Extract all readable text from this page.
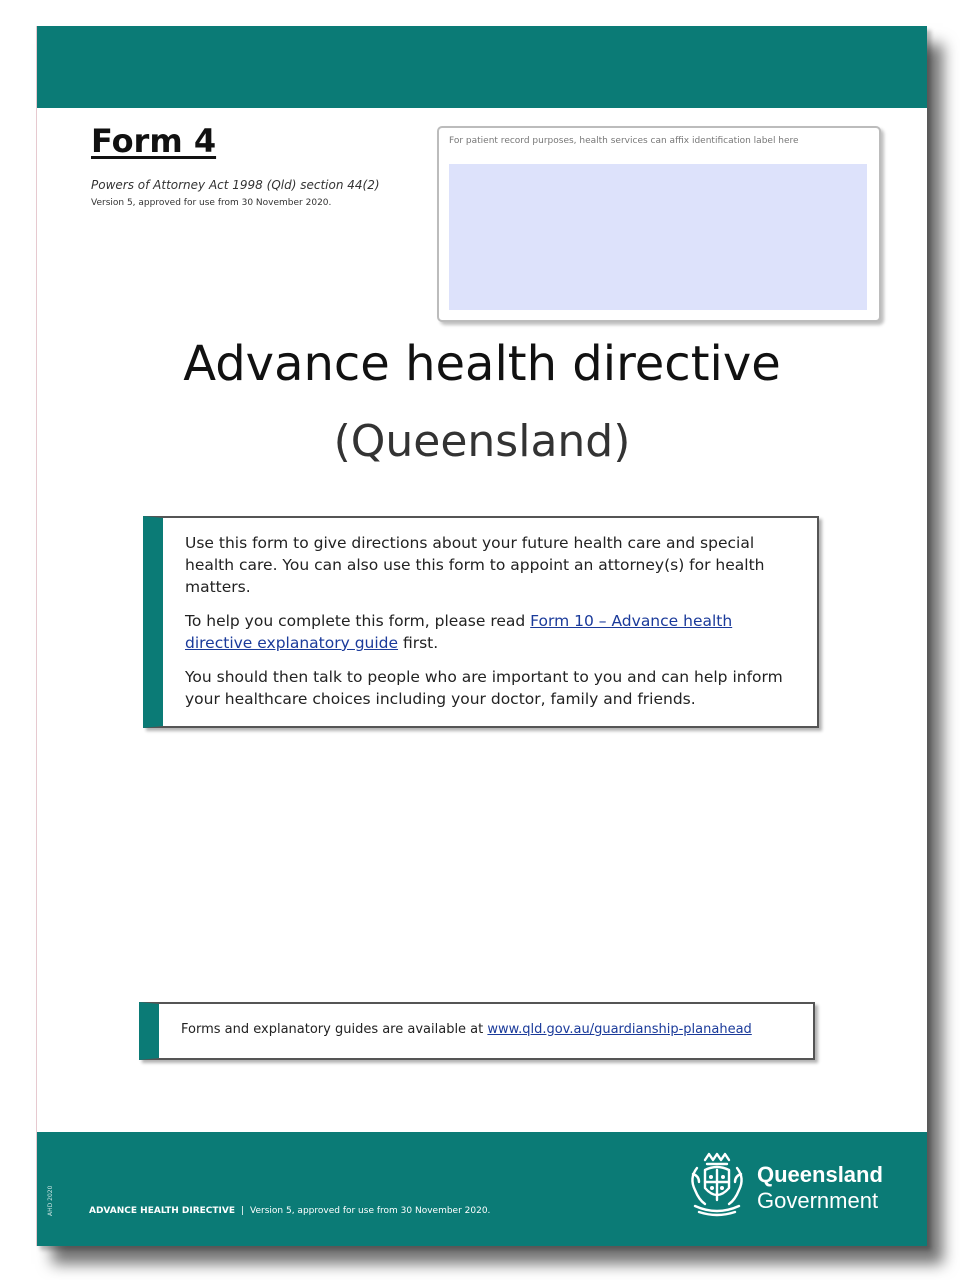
Form 4
Powers of Attorney Act 1998 (Qld) section 44(2)
Version 5, approved for use from 30 November 2020.
For patient record purposes, health services can affix identification label here
Advance health directive
(Queensland)

Use this form to give directions about your future health care and special health care. You can also use this form to appoint an attorney(s) for health matters.

To help you complete this form, please read Form 10 – Advance health directive explanatory guide first.

You should then talk to people who are important to you and can help inform your healthcare choices including your doctor, family and friends.

Forms and explanatory guides are available at www.qld.gov.au/guardianship-planahead
AHD 2020	ADVANCE HEALTH DIRECTIVE | Version 5, approved for use from 30 November 2020.
Queensland
Government
